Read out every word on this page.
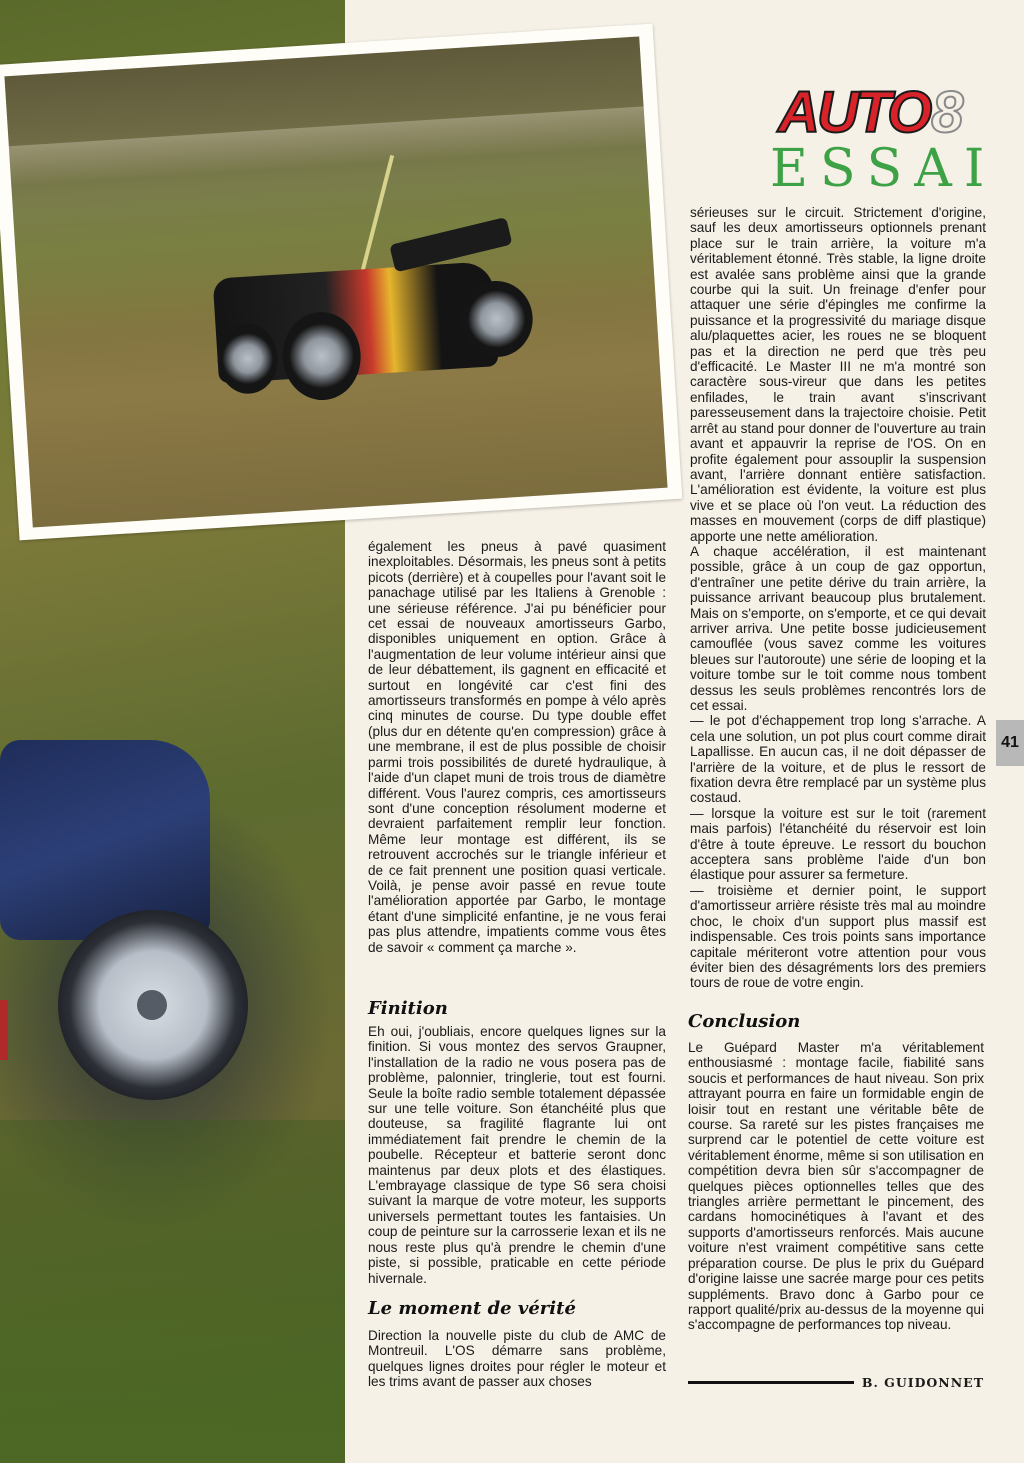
AUTO 8
ESSAI

également les pneus à pavé quasiment inexploitables. Désormais, les pneus sont à petits picots (derrière) et à coupelles pour l'avant soit le panachage utilisé par les Italiens à Grenoble : une sérieuse référence. J'ai pu bénéficier pour cet essai de nouveaux amortisseurs Garbo, disponibles uniquement en option. Grâce à l'augmentation de leur volume intérieur ainsi que de leur débattement, ils gagnent en efficacité et surtout en longévité car c'est fini des amortisseurs transformés en pompe à vélo après cinq minutes de course. Du type double effet (plus dur en détente qu'en compression) grâce à une membrane, il est de plus possible de choisir parmi trois possibilités de dureté hydraulique, à l'aide d'un clapet muni de trois trous de diamètre différent. Vous l'aurez compris, ces amortisseurs sont d'une conception résolument moderne et devraient parfaitement remplir leur fonction. Même leur montage est différent, ils se retrouvent accrochés sur le triangle inférieur et de ce fait prennent une position quasi verticale. Voilà, je pense avoir passé en revue toute l'amélioration apportée par Garbo, le montage étant d'une simplicité enfantine, je ne vous ferai pas plus attendre, impatients comme vous êtes de savoir « comment ça marche ».

Finition

Eh oui, j'oubliais, encore quelques lignes sur la finition. Si vous montez des servos Graupner, l'installation de la radio ne vous posera pas de problème, palonnier, tringlerie, tout est fourni. Seule la boîte radio semble totalement dépassée sur une telle voiture. Son étanchéité plus que douteuse, sa fragilité flagrante lui ont immédiatement fait prendre le chemin de la poubelle. Récepteur et batterie seront donc maintenus par deux plots et des élastiques. L'embrayage classique de type S6 sera choisi suivant la marque de votre moteur, les supports universels permettant toutes les fantaisies. Un coup de peinture sur la carrosserie lexan et ils ne nous reste plus qu'à prendre le chemin d'une piste, si possible, praticable en cette période hivernale.

Le moment de vérité

Direction la nouvelle piste du club de AMC de Montreuil. L'OS démarre sans problème, quelques lignes droites pour régler le moteur et les trims avant de passer aux choses

sérieuses sur le circuit. Strictement d'origine, sauf les deux amortisseurs optionnels prenant place sur le train arrière, la voiture m'a véritablement étonné. Très stable, la ligne droite est avalée sans problème ainsi que la grande courbe qui la suit. Un freinage d'enfer pour attaquer une série d'épingles me confirme la puissance et la progressivité du mariage disque alu/plaquettes acier, les roues ne se bloquent pas et la direction ne perd que très peu d'efficacité. Le Master III ne m'a montré son caractère sous-vireur que dans les petites enfilades, le train avant s'inscrivant paresseusement dans la trajectoire choisie. Petit arrêt au stand pour donner de l'ouverture au train avant et appauvrir la reprise de l'OS. On en profite également pour assouplir la suspension avant, l'arrière donnant entière satisfaction. L'amélioration est évidente, la voiture est plus vive et se place où l'on veut. La réduction des masses en mouvement (corps de diff plastique) apporte une nette amélioration.

A chaque accélération, il est maintenant possible, grâce à un coup de gaz opportun, d'entraîner une petite dérive du train arrière, la puissance arrivant beaucoup plus brutalement. Mais on s'emporte, on s'emporte, et ce qui devait arriver arriva. Une petite bosse judicieusement camouflée (vous savez comme les voitures bleues sur l'autoroute) une série de looping et la voiture tombe sur le toit comme nous tombent dessus les seuls problèmes rencontrés lors de cet essai.

— le pot d'échappement trop long s'arrache. A cela une solution, un pot plus court comme dirait Lapallisse. En aucun cas, il ne doit dépasser de l'arrière de la voiture, et de plus le ressort de fixation devra être remplacé par un système plus costaud.

— lorsque la voiture est sur le toit (rarement mais parfois) l'étanchéité du réservoir est loin d'être à toute épreuve. Le ressort du bouchon acceptera sans problème l'aide d'un bon élastique pour assurer sa fermeture.

— troisième et dernier point, le support d'amortisseur arrière résiste très mal au moindre choc, le choix d'un support plus massif est indispensable. Ces trois points sans importance capitale mériteront votre attention pour vous éviter bien des désagréments lors des premiers tours de roue de votre engin.

Conclusion

Le Guépard Master m'a véritablement enthousiasmé : montage facile, fiabilité sans soucis et performances de haut niveau. Son prix attrayant pourra en faire un formidable engin de loisir tout en restant une véritable bête de course. Sa rareté sur les pistes françaises me surprend car le potentiel de cette voiture est véritablement énorme, même si son utilisation en compétition devra bien sûr s'accompagner de quelques pièces optionnelles telles que des triangles arrière permettant le pincement, des cardans homocinétiques à l'avant et des supports d'amortisseurs renforcés. Mais aucune voiture n'est vraiment compétitive sans cette préparation course. De plus le prix du Guépard d'origine laisse une sacrée marge pour ces petits suppléments. Bravo donc à Garbo pour ce rapport qualité/prix au-dessus de la moyenne qui s'accompagne de performances top niveau.

B. GUIDONNET
41
